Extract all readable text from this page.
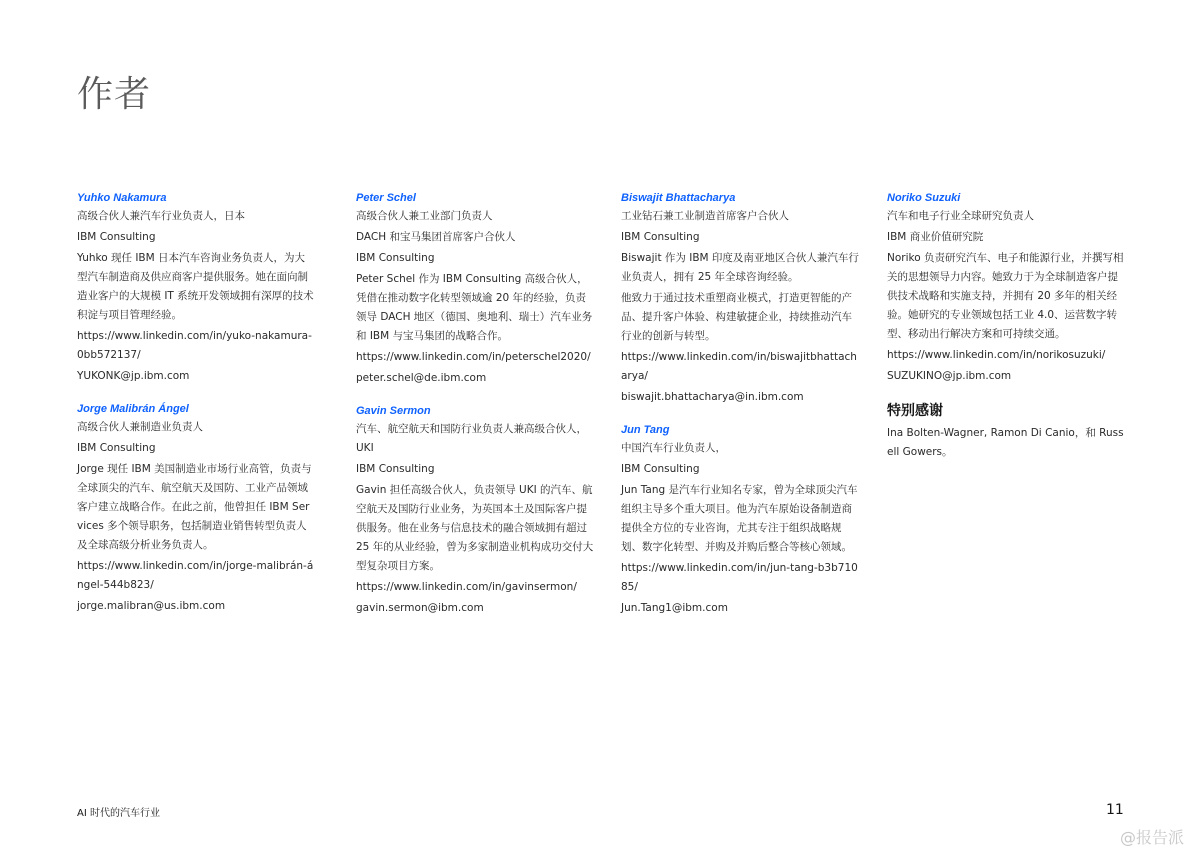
作者
Yuhko Nakamura

高级合伙人兼汽车行业负责人，日本

IBM Consulting

Yuhko 现任 IBM 日本汽车咨询业务负责人，为大型汽车制造商及供应商客户提供服务。她在面向制造业客户的大规模 IT 系统开发领域拥有深厚的技术积淀与项目管理经验。

https://www.linkedin.com/in/yuko-nakamura-0bb572137/

YUKONK@jp.ibm.com

Jorge Malibrán Ángel

高级合伙人兼制造业负责人

IBM Consulting

Jorge 现任 IBM 美国制造业市场行业高管，负责与全球顶尖的汽车、航空航天及国防、工业产品领域客户建立战略合作。在此之前，他曾担任 IBM Services 多个领导职务，包括制造业销售转型负责人及全球高级分析业务负责人。

https://www.linkedin.com/in/jorge-malibrán-ángel-544b823/

jorge.malibran@us.ibm.com

Peter Schel

高级合伙人兼工业部门负责人

DACH 和宝马集团首席客户合伙人

IBM Consulting

Peter Schel 作为 IBM Consulting 高级合伙人，凭借在推动数字化转型领域逾 20 年的经验，负责领导 DACH 地区（德国、奥地利、瑞士）汽车业务和 IBM 与宝马集团的战略合作。

https://www.linkedin.com/in/peterschel2020/

peter.schel@de.ibm.com

Gavin Sermon

汽车、航空航天和国防行业负责人兼高级合伙人，UKI

IBM Consulting

Gavin 担任高级合伙人，负责领导 UKI 的汽车、航空航天及国防行业业务，为英国本土及国际客户提供服务。他在业务与信息技术的融合领域拥有超过 25 年的从业经验，曾为多家制造业机构成功交付大型复杂项目方案。

https://www.linkedin.com/in/gavinsermon/

gavin.sermon@ibm.com

Biswajit Bhattacharya

工业钻石兼工业制造首席客户合伙人

IBM Consulting

Biswajit 作为 IBM 印度及南亚地区合伙人兼汽车行业负责人，拥有 25 年全球咨询经验。

他致力于通过技术重塑商业模式，打造更智能的产品、提升客户体验、构建敏捷企业，持续推动汽车行业的创新与转型。

https://www.linkedin.com/in/biswajitbhattacharya/

biswajit.bhattacharya@in.ibm.com

Jun Tang

中国汽车行业负责人，

IBM Consulting

Jun Tang 是汽车行业知名专家，曾为全球顶尖汽车组织主导多个重大项目。他为汽车原始设备制造商提供全方位的专业咨询，尤其专注于组织战略规划、数字化转型、并购及并购后整合等核心领域。

https://www.linkedin.com/in/jun-tang-b3b71085/

Jun.Tang1@ibm.com

Noriko Suzuki

汽车和电子行业全球研究负责人

IBM 商业价值研究院

Noriko 负责研究汽车、电子和能源行业，并撰写相关的思想领导力内容。她致力于为全球制造客户提供技术战略和实施支持，并拥有 20 多年的相关经验。她研究的专业领域包括工业 4.0、运营数字转型、移动出行解决方案和可持续交通。

https://www.linkedin.com/in/norikosuzuki/

SUZUKINO@jp.ibm.com

特别感谢

Ina Bolten-Wagner, Ramon Di Canio，和 Russell Gowers。

AI 时代的汽车行业	11
@报告派
